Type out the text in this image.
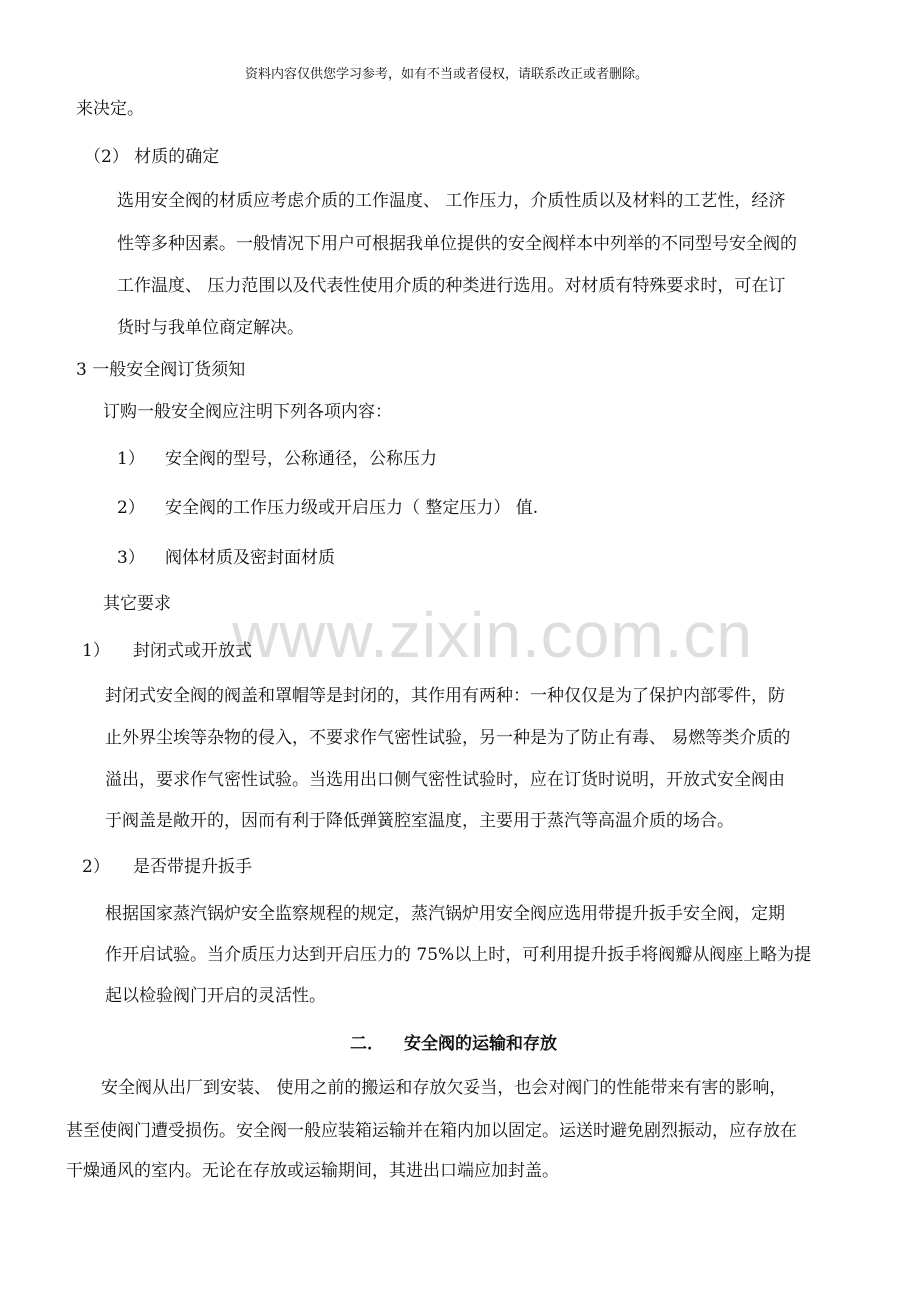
www.zixin.com.cn
资料内容仅供您学习参考，如有不当或者侵权，请联系改正或者删除。
来决定。
（2） 材质的确定
选用安全阀的材质应考虑介质的工作温度、 工作压力，介质性质以及材料的工艺性，经济
性等多种因素。一般情况下用户可根据我单位提供的安全阀样本中列举的不同型号安全阀的
工作温度、 压力范围以及代表性使用介质的种类进行选用。对材质有特殊要求时，可在订
货时与我单位商定解决。
3 一般安全阀订货须知
订购一般安全阀应注明下列各项内容：
1） 安全阀的型号，公称通径，公称压力
2） 安全阀的工作压力级或开启压力（ 整定压力） 值.
3） 阀体材质及密封面材质
其它要求
1） 封闭式或开放式
封闭式安全阀的阀盖和罩帽等是封闭的，其作用有两种：一种仅仅是为了保护内部零件，防
止外界尘埃等杂物的侵入，不要求作气密性试验，另一种是为了防止有毒、 易燃等类介质的
溢出，要求作气密性试验。当选用出口侧气密性试验时，应在订货时说明，开放式安全阀由
于阀盖是敞开的，因而有利于降低弹簧腔室温度，主要用于蒸汽等高温介质的场合。
2） 是否带提升扳手
根据国家蒸汽锅炉安全监察规程的规定，蒸汽锅炉用安全阀应选用带提升扳手安全阀，定期
作开启试验。当介质压力达到开启压力的 75%以上时，可利用提升扳手将阀瓣从阀座上略为提
起以检验阀门开启的灵活性。
二． 安全阀的运输和存放
安全阀从出厂到安装、 使用之前的搬运和存放欠妥当，也会对阀门的性能带来有害的影响，
甚至使阀门遭受损伤。安全阀一般应装箱运输并在箱内加以固定。运送时避免剧烈振动，应存放在
干燥通风的室内。无论在存放或运输期间，其进出口端应加封盖。
